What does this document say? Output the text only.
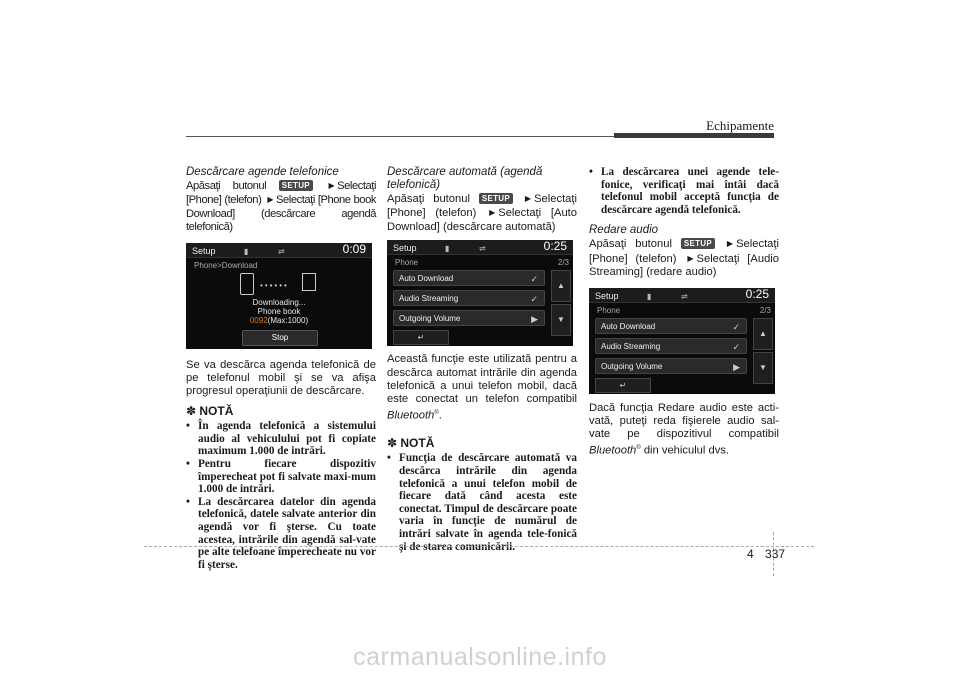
Echipamente

Descărcare agende telefonice

Apăsaţi butonul SETUP ▶ Selectaţi [Phone] (telefon) ▶ Selectaţi [Phone book Download] (descărcare agendă telefonică)

Setup	▮	⇌	0:09
Phone>Download
••••••
Downloading...
Phone book
0092(Max:1000)
Stop

Se va descărca agenda telefonică de pe telefonul mobil şi se va afişa progresul operaţiunii de descărcare.

✽ NOTĂ
• În agenda telefonică a sistemului audio al vehiculului pot fi copiate maximum 1.000 de intrări.
• Pentru fiecare dispozitiv împerecheat pot fi salvate maxi-mum 1.000 de intrări.
• La descărcarea datelor din agenda telefonică, datele salvate anterior din agendă vor fi şterse. Cu toate acestea, intrările din agendă sal-vate pe alte telefoane împerecheate nu vor fi şterse.

Descărcare automată (agendă telefonică)

Apăsaţi butonul SETUP ▶ Selectaţi [Phone] (telefon) ▶ Selectaţi [Auto Download] (descărcare automată)

Setup	▮	⇌	0:25
Phone	2/3
Auto Download	✓
Audio Streaming	✓
Outgoing Volume	▶
▲
▼
↵

Această funcţie este utilizată pentru a descărca automat intrările din agenda telefonică a unui telefon mobil, dacă este conectat un telefon compatibil Bluetooth®.

✽ NOTĂ
• Funcţia de descărcare automată va descărca intrările din agenda telefonică a unui telefon mobil de fiecare dată când acesta este conectat. Timpul de descărcare poate varia în funcţie de numărul de intrări salvate în agenda tele-fonică şi de starea comunicării.
• La descărcarea unei agende tele-fonice, verificaţi mai întâi dacă telefonul mobil acceptă funcţia de descărcare agendă telefonică.

Redare audio

Apăsaţi butonul SETUP ▶ Selectaţi [Phone] (telefon) ▶ Selectaţi [Audio Streaming] (redare audio)

Setup	▮	⇌	0:25
Phone	2/3
Auto Download	✓
Audio Streaming	✓
Outgoing Volume	▶
▲
▼
↵

Dacă funcţia Redare audio este acti-vată, puteţi reda fişierele audio sal-vate pe dispozitivul compatibil Bluetooth® din vehiculul dvs.

4 337
carmanualsonline.info
